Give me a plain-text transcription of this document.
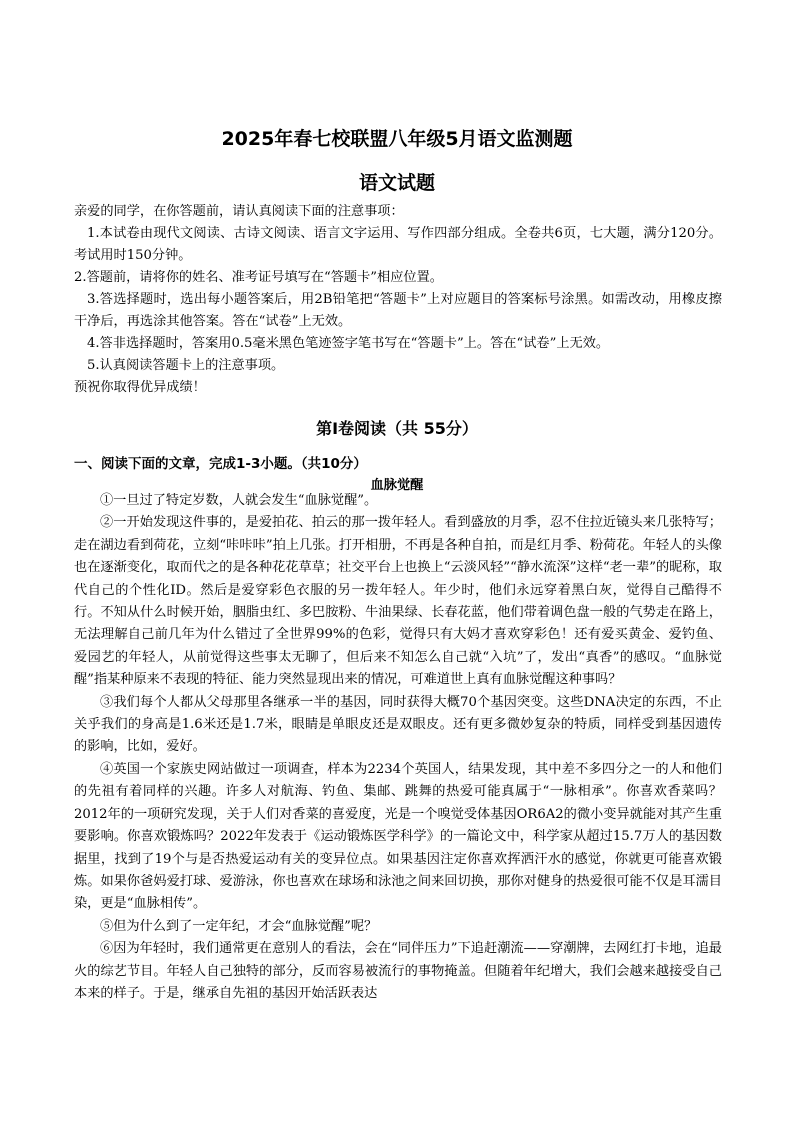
2025年春七校联盟八年级5月语文监测题
语文试题

亲爱的同学，在你答题前，请认真阅读下面的注意事项：

1.本试卷由现代文阅读、古诗文阅读、语言文字运用、写作四部分组成。全卷共6页，七大题，满分120分。考试用时150分钟。

2.答题前，请将你的姓名、准考证号填写在“答题卡”相应位置。

3.答选择题时，选出每小题答案后，用2B铅笔把“答题卡”上对应题目的答案标号涂黑。如需改动，用橡皮擦干净后，再选涂其他答案。答在“试卷”上无效。

4.答非选择题时，答案用0.5毫米黑色笔迹签字笔书写在“答题卡”上。答在“试卷”上无效。

5.认真阅读答题卡上的注意事项。

预祝你取得优异成绩！

第Ⅰ卷阅读（共 55分）
一、阅读下面的文章，完成1-3小题。（共10分）
血脉觉醒

①一旦过了特定岁数，人就会发生“血脉觉醒”。

②一开始发现这件事的，是爱拍花、拍云的那一拨年轻人。看到盛放的月季，忍不住拉近镜头来几张特写；走在湖边看到荷花，立刻“咔咔咔”拍上几张。打开相册，不再是各种自拍，而是红月季、粉荷花。年轻人的头像也在逐渐变化，取而代之的是各种花花草草；社交平台上也换上“云淡风轻”“静水流深”这样“老一辈”的昵称，取代自己的个性化ID。然后是爱穿彩色衣服的另一拨年轻人。年少时，他们永远穿着黑白灰，觉得自己酷得不行。不知从什么时候开始，胭脂虫红、多巴胺粉、牛油果绿、长春花蓝，他们带着调色盘一般的气势走在路上，无法理解自己前几年为什么错过了全世界99%的色彩，觉得只有大妈才喜欢穿彩色！还有爱买黄金、爱钓鱼、爱园艺的年轻人，从前觉得这些事太无聊了，但后来不知怎么自己就“入坑”了，发出“真香”的感叹。“血脉觉醒”指某种原来不表现的特征、能力突然显现出来的情况，可难道世上真有血脉觉醒这种事吗？

③我们每个人都从父母那里各继承一半的基因，同时获得大概70个基因突变。这些DNA决定的东西，不止关乎我们的身高是1.6米还是1.7米，眼睛是单眼皮还是双眼皮。还有更多微妙复杂的特质，同样受到基因遗传的影响，比如，爱好。

④英国一个家族史网站做过一项调查，样本为2234个英国人，结果发现，其中差不多四分之一的人和他们的先祖有着同样的兴趣。许多人对航海、钓鱼、集邮、跳舞的热爱可能真属于“一脉相承”。你喜欢香菜吗？2012年的一项研究发现，关于人们对香菜的喜爱度，光是一个嗅觉受体基因OR6A2的微小变异就能对其产生重要影响。你喜欢锻炼吗？2022年发表于《运动锻炼医学科学》的一篇论文中，科学家从超过15.7万人的基因数据里，找到了19个与是否热爱运动有关的变异位点。如果基因注定你喜欢挥洒汗水的感觉，你就更可能喜欢锻炼。如果你爸妈爱打球、爱游泳，你也喜欢在球场和泳池之间来回切换，那你对健身的热爱很可能不仅是耳濡目染，更是“血脉相传”。

⑤但为什么到了一定年纪，才会“血脉觉醒”呢？

⑥因为年轻时，我们通常更在意别人的看法，会在“同伴压力”下追赶潮流——穿潮牌，去网红打卡地，追最火的综艺节目。年轻人自己独特的部分，反而容易被流行的事物掩盖。但随着年纪增大，我们会越来越接受自己本来的样子。于是，继承自先祖的基因开始活跃表达
